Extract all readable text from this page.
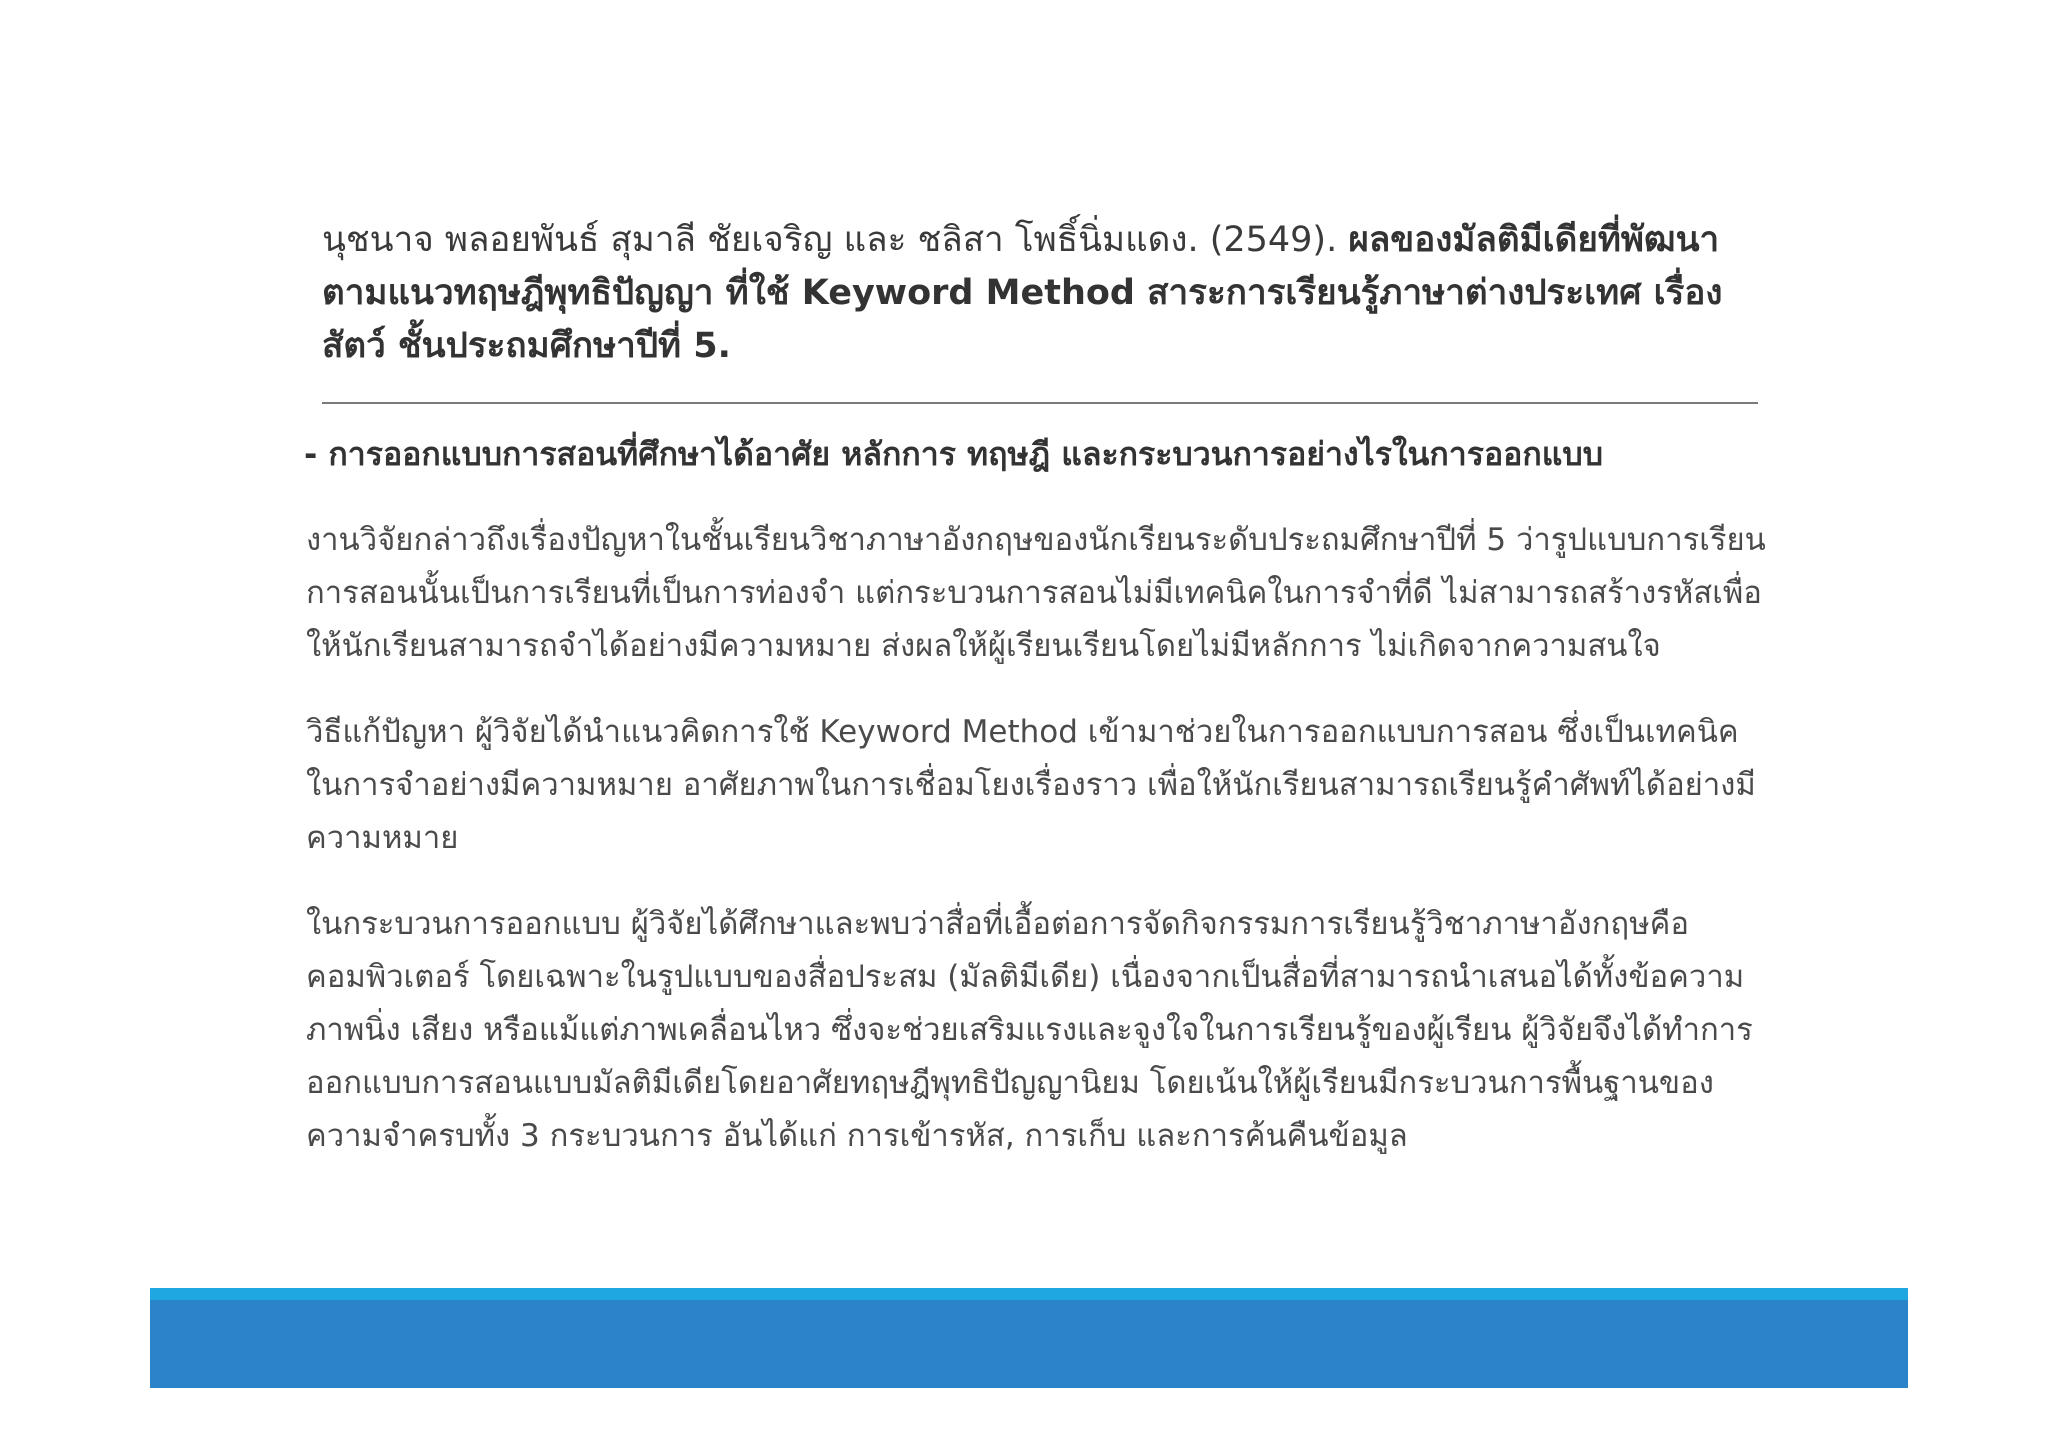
นุชนาจ พลอยพันธ์ สุมาลี ชัยเจริญ และ ชลิสา โพธิ์นิ่มแดง. (2549). ผลของมัลติมีเดียที่พัฒนาตามแนวทฤษฎีพุทธิปัญญา ที่ใช้ Keyword Method สาระการเรียนรู้ภาษาต่างประเทศ เรื่องสัตว์ ชั้นประถมศึกษาปีที่ 5.
- การออกแบบการสอนที่ศึกษาได้อาศัย หลักการ ทฤษฎี และกระบวนการอย่างไรในการออกแบบ

งานวิจัยกล่าวถึงเรื่องปัญหาในชั้นเรียนวิชาภาษาอังกฤษของนักเรียนระดับประถมศึกษาปีที่ 5 ว่ารูปแบบการเรียนการสอนนั้นเป็นการเรียนที่เป็นการท่องจำ แต่กระบวนการสอนไม่มีเทคนิคในการจำที่ดี ไม่สามารถสร้างรหัสเพื่อให้นักเรียนสามารถจำได้อย่างมีความหมาย ส่งผลให้ผู้เรียนเรียนโดยไม่มีหลักการ ไม่เกิดจากความสนใจ

วิธีแก้ปัญหา ผู้วิจัยได้นำแนวคิดการใช้ Keyword Method เข้ามาช่วยในการออกแบบการสอน ซึ่งเป็นเทคนิคในการจำอย่างมีความหมาย อาศัยภาพในการเชื่อมโยงเรื่องราว เพื่อให้นักเรียนสามารถเรียนรู้คำศัพท์ได้อย่างมีความหมาย

ในกระบวนการออกแบบ ผู้วิจัยได้ศึกษาและพบว่าสื่อที่เอื้อต่อการจัดกิจกรรมการเรียนรู้วิชาภาษาอังกฤษคือคอมพิวเตอร์ โดยเฉพาะในรูปแบบของสื่อประสม (มัลติมีเดีย) เนื่องจากเป็นสื่อที่สามารถนำเสนอได้ทั้งข้อความ ภาพนิ่ง เสียง หรือแม้แต่ภาพเคลื่อนไหว ซึ่งจะช่วยเสริมแรงและจูงใจในการเรียนรู้ของผู้เรียน ผู้วิจัยจึงได้ทำการออกแบบการสอนแบบมัลติมีเดียโดยอาศัยทฤษฎีพุทธิปัญญานิยม โดยเน้นให้ผู้เรียนมีกระบวนการพื้นฐานของความจำครบทั้ง 3 กระบวนการ อันได้แก่ การเข้ารหัส, การเก็บ และการค้นคืนข้อมูล
